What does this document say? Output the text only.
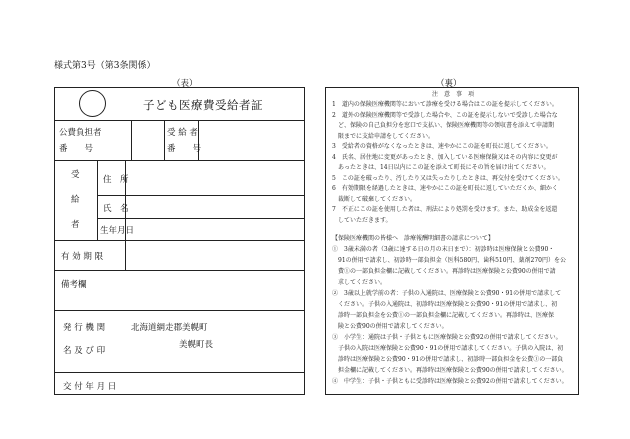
様式第3号（第3条関係）
（表）	（裏）
子ども医療費受給者証
公費負担者
番　　号
受 給 者
番　　号
受
給
者
住　所
氏　名
生年月日
有 効 期 限
備考欄
発 行 機 関
名 及 び 印
北海道網走郡美幌町
美幌町長
交 付 年 月 日
注　意　事　項
1　道内の保険医療機関等において診療を受ける場合はこの証を提示してください。
2　道外の保険医療機関等で受診した場合や、この証を提示しないで受診した場合な
　ど、保険の自己負担分を窓口で支払い、保険医療機関等の領収書を添えて申請期
　限までに支給申請をしてください。
3　受給者の資格がなくなったときは、速やかにこの証を町長に返してください。
4　氏名、居住地に変更があったとき、加入している医療保険又はその内容に変更が
　あったときは、14日以内にこの証を添えて町長にその旨を届け出てください。
5　この証を破ったり、汚したり又は失ったりしたときは、再交付を受けてください。
6　有効期限を経過したときは、速やかにこの証を町長に返していただくか、細かく
　裁断して破棄してください。
7　不正にこの証を使用した者は、刑法により処罰を受けます。また、助成金を返還
　していただきます。
【保険医療機関の皆様へ　診療報酬明細書の請求について】
①　3歳未満の者（3歳に達する日の月の末日まで）：初診時は医療保険と公費90・
　91の併用で請求し、初診時一部負担金（医科580円、歯科510円、薬剤270円）を公
　費①の一部負担金欄に記載してください。再診時は医療保険と公費90の併用で請
　求してください。
②　3歳以上就学前の者：子供の入通院は、医療保険と公費90・91の併用で請求して
　ください。子供の入通院は、初診時は医療保険と公費90・91の併用で請求し、初
　診時一部負担金を公費①の一部負担金欄に記載してください。再診時は、医療保
　険と公費90の併用で請求してください。
③　小学生：通院は子供・子供ともに医療保険と公費92の併用で請求してください。
　子供の入院は医療保険と公費90・91の併用で請求してください。子供の入院は、初
　診時は医療保険と公費90・91の併用で請求し、初診時一部負担金を公費①の一部負
　担金欄に記載してください。再診時は医療保険と公費90の併用で請求してください。
④　中学生：子供・子供ともに受診時は医療保険と公費92の併用で請求してください。
